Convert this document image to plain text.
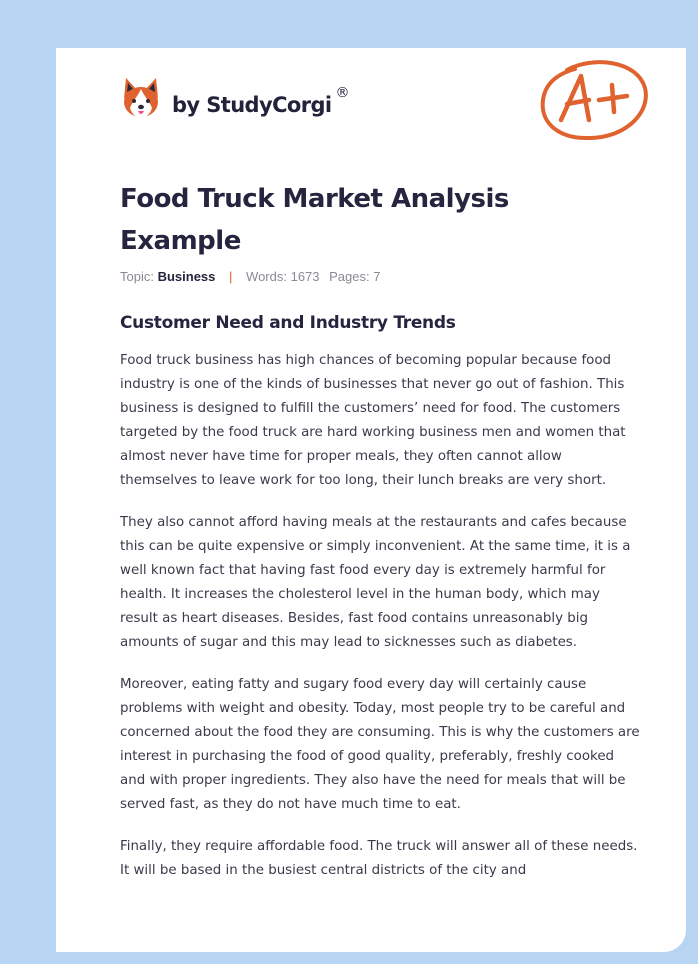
by StudyCorgi ®
Food Truck Market Analysis Example
Topic: Business | Words: 1673 Pages: 7
Customer Need and Industry Trends

Food truck business has high chances of becoming popular because food industry is one of the kinds of businesses that never go out of fashion. This business is designed to fulfill the customers’ need for food. The customers targeted by the food truck are hard working business men and women that almost never have time for proper meals, they often cannot allow themselves to leave work for too long, their lunch breaks are very short.

They also cannot afford having meals at the restaurants and cafes because this can be quite expensive or simply inconvenient. At the same time, it is a well known fact that having fast food every day is extremely harmful for health. It increases the cholesterol level in the human body, which may result as heart diseases. Besides, fast food contains unreasonably big amounts of sugar and this may lead to sicknesses such as diabetes.

Moreover, eating fatty and sugary food every day will certainly cause problems with weight and obesity. Today, most people try to be careful and concerned about the food they are consuming. This is why the customers are interest in purchasing the food of good quality, preferably, freshly cooked and with proper ingredients. They also have the need for meals that will be served fast, as they do not have much time to eat.

Finally, they require affordable food. The truck will answer all of these needs. It will be based in the busiest central districts of the city and
